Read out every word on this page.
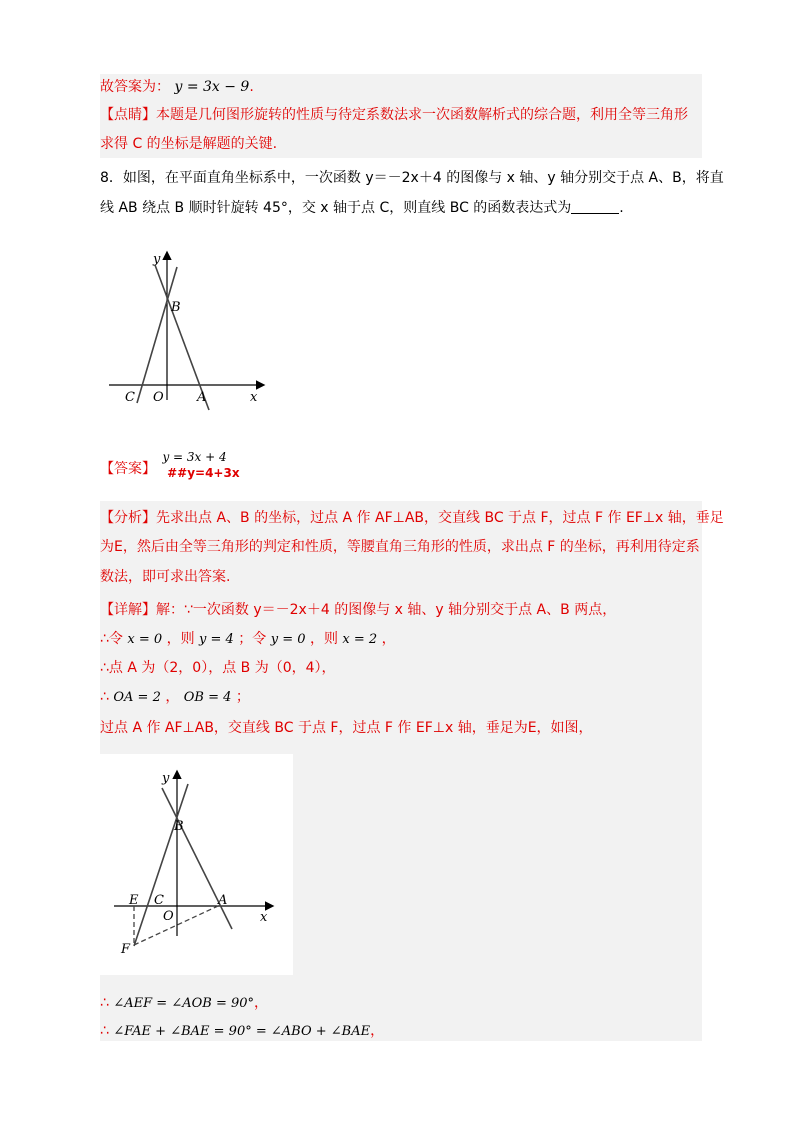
故答案为： y = 3x − 9.
【点睛】本题是几何图形旋转的性质与待定系数法求一次函数解析式的综合题，利用全等三角形
求得 C 的坐标是解题的关键.
8．如图，在平面直角坐标系中，一次函数 y＝－2x＋4 的图像与 x 轴、y 轴分别交于点 A、B，将直
线 AB 绕点 B 顺时针旋转 45°，交 x 轴于点 C，则直线 BC 的函数表达式为	.
y
x
B
C O	A
【答案】 y = 3x + 4 ##y=4+3x
【分析】先求出点 A、B 的坐标，过点 A 作 AF⊥AB，交直线 BC 于点 F，过点 F 作 EF⊥x 轴，垂足
为E，然后由全等三角形的判定和性质，等腰直角三角形的性质，求出点 F 的坐标，再利用待定系
数法，即可求出答案.
【详解】解：∵一次函数 y＝－2x＋4 的图像与 x 轴、y 轴分别交于点 A、B 两点，
∴令 x = 0 ，则 y = 4 ；令 y = 0 ，则 x = 2 ，
∴点 A 为（2，0），点 B 为（0，4），
∴ OA = 2 ， OB = 4 ；
过点 A 作 AF⊥AB，交直线 BC 于点 F，过点 F 作 EF⊥x 轴，垂足为E，如图，
y
x
B
E C
O
A
F
∴ ∠AEF = ∠AOB = 90°，
∴ ∠FAE + ∠BAE = 90° = ∠ABO + ∠BAE，
